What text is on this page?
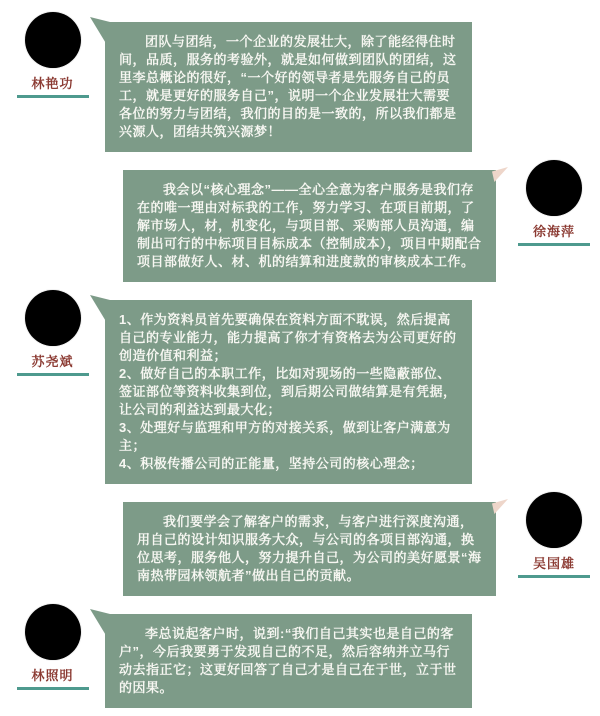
林艳功

团队与团结，一个企业的发展壮大，除了能经得住时间，品质，服务的考验外，就是如何做到团队的团结，这里李总概论的很好，“一个好的领导者是先服务自己的员工，就是更好的服务自己”，说明一个企业发展壮大需要各位的努力与团结，我们的目的是一致的，所以我们都是兴源人，团结共筑兴源梦！

我会以“核心理念”——全心全意为客户服务是我们存在的唯一理由对标我的工作，努力学习、在项目前期，了解市场人，材，机变化，与项目部、采购部人员沟通，编制出可行的中标项目目标成本（控制成本），项目中期配合项目部做好人、材、机的结算和进度款的审核成本工作。

徐海萍
苏尧斌

1、作为资料员首先要确保在资料方面不耽误，然后提高自己的专业能力，能力提高了你才有资格去为公司更好的创造价值和利益；

2、做好自己的本职工作，比如对现场的一些隐蔽部位、签证部位等资料收集到位，到后期公司做结算是有凭据，让公司的利益达到最大化；

3、处理好与监理和甲方的对接关系，做到让客户满意为主；

4、积极传播公司的正能量，坚持公司的核心理念；

我们要学会了解客户的需求，与客户进行深度沟通，用自己的设计知识服务大众，与公司的各项目部沟通，换位思考，服务他人，努力提升自己，为公司的美好愿景“海南热带园林领航者”做出自己的贡献。

吴国雄
林照明

李总说起客户时，说到:“我们自己其实也是自己的客户”，今后我要勇于发现自己的不足，然后容纳并立马行动去指正它；这更好回答了自己才是自己在于世，立于世的因果。
